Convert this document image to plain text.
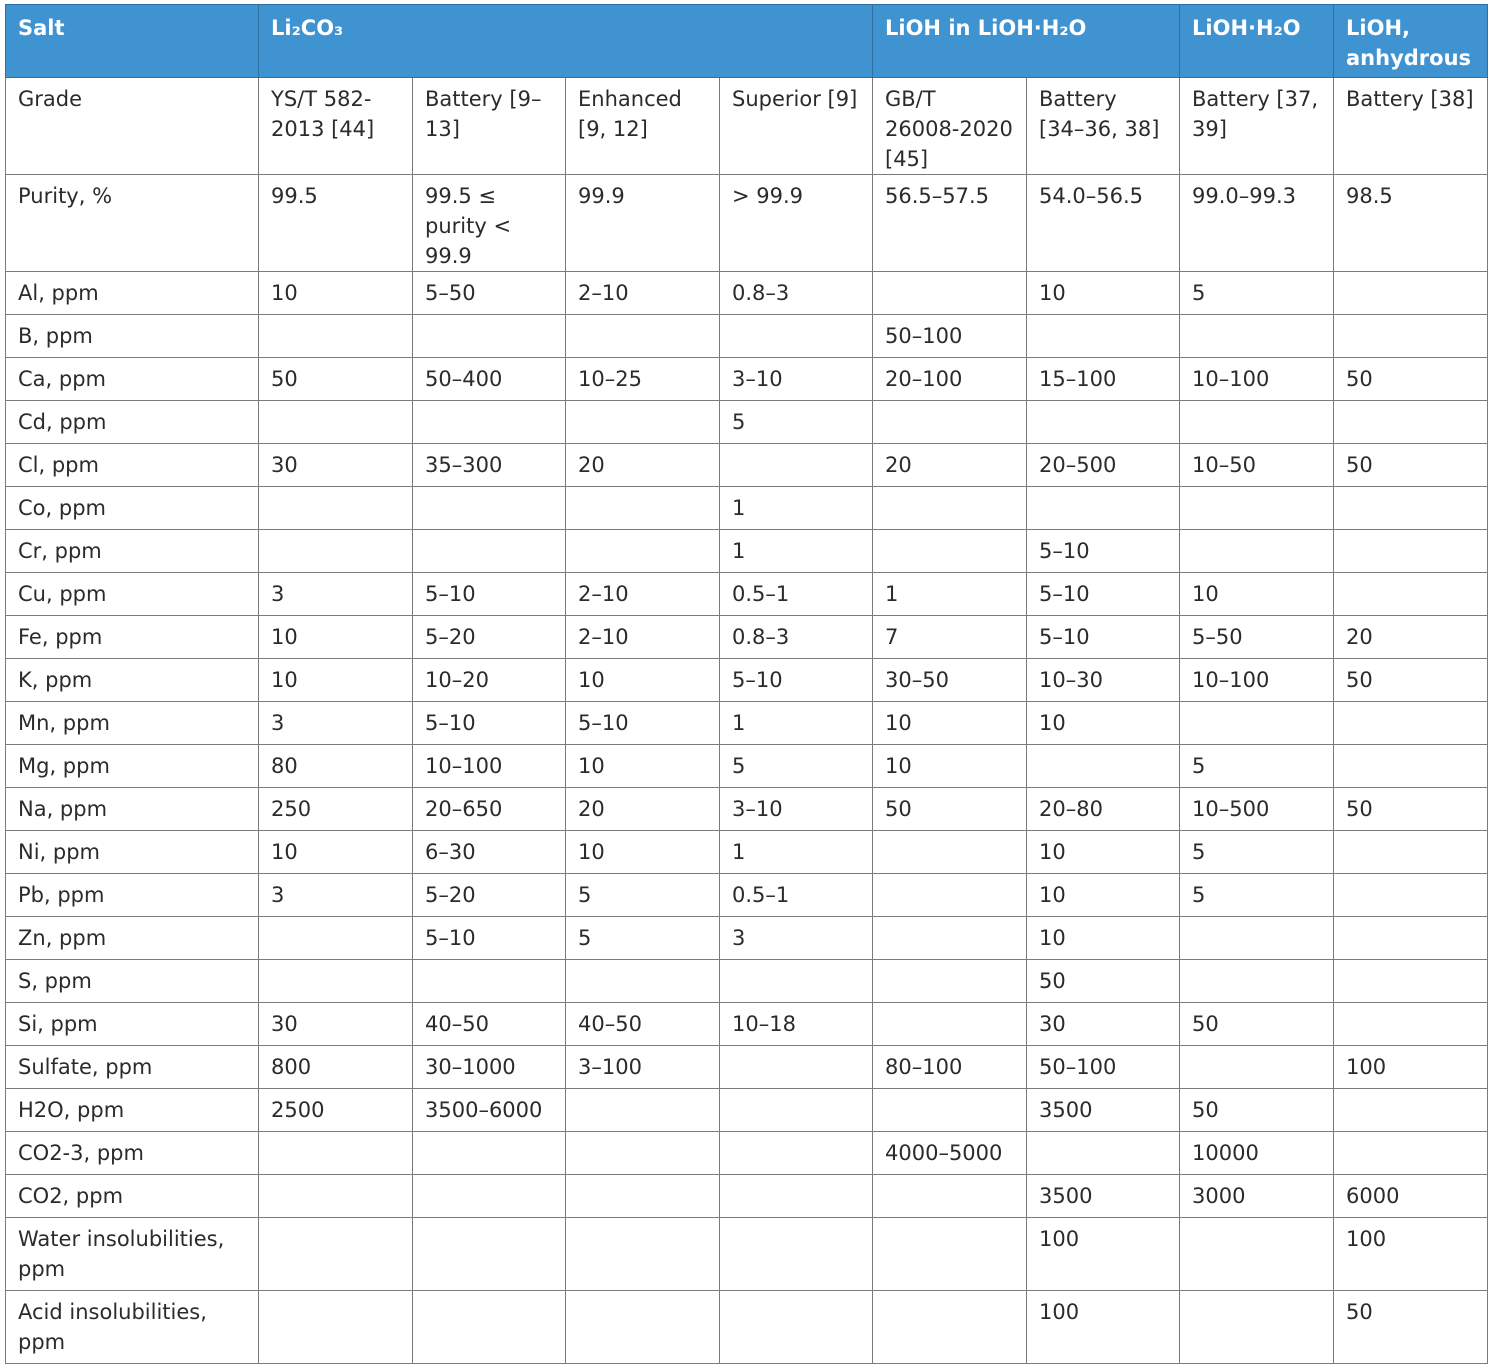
Salt	Li₂CO₃				LiOH in LiOH·H₂O		LiOH·H₂O	LiOH, anhydrous
Grade	YS/T 582-2013 [44]	Battery [9–13]	Enhanced [9, 12]	Superior [9]	GB/T 26008-2020 [45]	Battery [34–36, 38]	Battery [37, 39]	Battery [38]
Purity, %	99.5	99.5 ≤ purity < 99.9	99.9	> 99.9	56.5–57.5	54.0–56.5	99.0–99.3	98.5
Al, ppm	10	5–50	2–10	0.8–3		10	5	
B, ppm					50–100			
Ca, ppm	50	50–400	10–25	3–10	20–100	15–100	10–100	50
Cd, ppm				5				
Cl, ppm	30	35–300	20		20	20–500	10–50	50
Co, ppm				1				
Cr, ppm				1		5–10		
Cu, ppm	3	5–10	2–10	0.5–1	1	5–10	10	
Fe, ppm	10	5–20	2–10	0.8–3	7	5–10	5–50	20
K, ppm	10	10–20	10	5–10	30–50	10–30	10–100	50
Mn, ppm	3	5–10	5–10	1	10	10		
Mg, ppm	80	10–100	10	5	10		5	
Na, ppm	250	20–650	20	3–10	50	20–80	10–500	50
Ni, ppm	10	6–30	10	1		10	5	
Pb, ppm	3	5–20	5	0.5–1		10	5	
Zn, ppm		5–10	5	3		10		
S, ppm						50		
Si, ppm	30	40–50	40–50	10–18		30	50	
Sulfate, ppm	800	30–1000	3–100		80–100	50–100		100
H2O, ppm	2500	3500–6000				3500	50	
CO2-3, ppm					4000–5000		10000	
CO2, ppm						3500	3000	6000
Water insolubilities, ppm						100		100
Acid insolubilities, ppm						100		50
